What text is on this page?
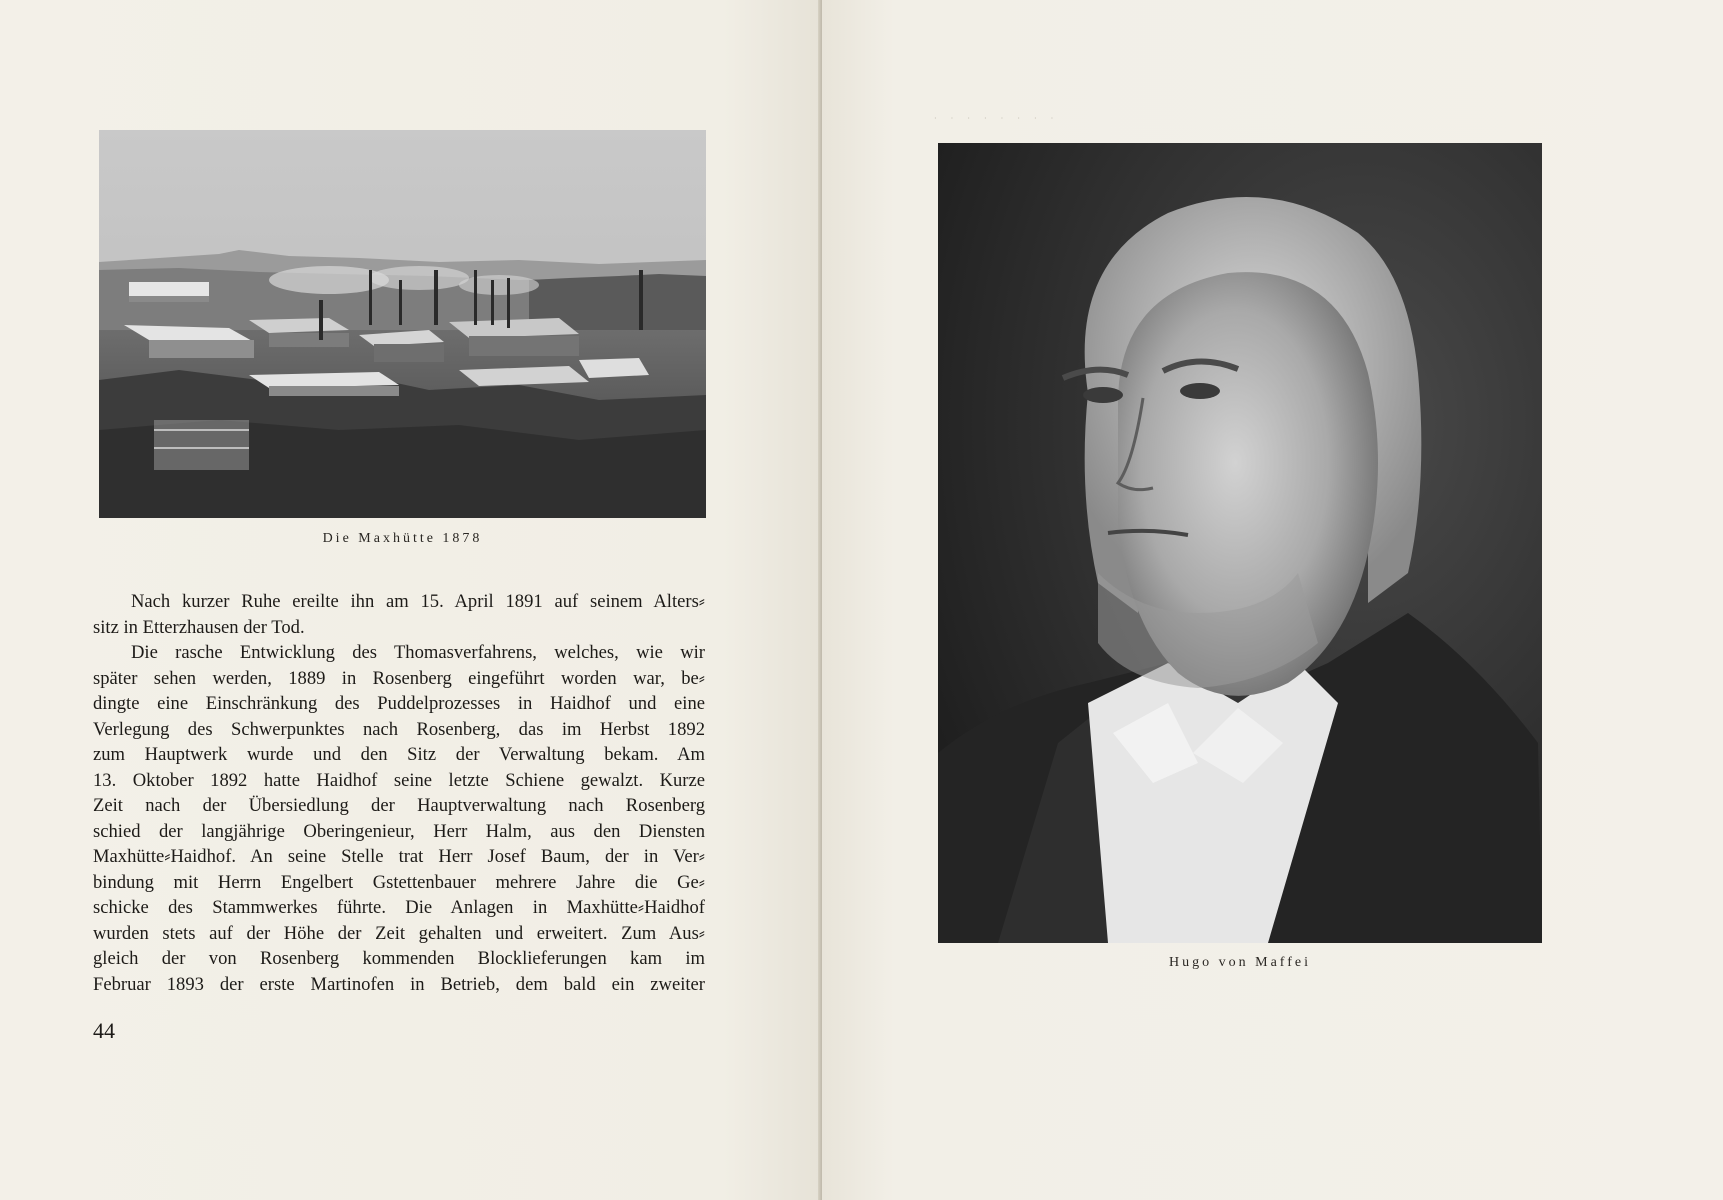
Die Maxhütte 1878
Nach kurzer Ruhe ereilte ihn am 15. April 1891 auf seinem Alters⸗
sitz in Etterzhausen der Tod.
Die rasche Entwicklung des Thomasverfahrens, welches, wie wir
später sehen werden, 1889 in Rosenberg eingeführt worden war, be⸗
dingte eine Einschränkung des Puddelprozesses in Haidhof und eine
Verlegung des Schwerpunktes nach Rosenberg, das im Herbst 1892
zum Hauptwerk wurde und den Sitz der Verwaltung bekam. Am
13. Oktober 1892 hatte Haidhof seine letzte Schiene gewalzt. Kurze
Zeit nach der Übersiedlung der Hauptverwaltung nach Rosenberg
schied der langjährige Oberingenieur, Herr Halm, aus den Diensten
Maxhütte⸗Haidhof. An seine Stelle trat Herr Josef Baum, der in Ver⸗
bindung mit Herrn Engelbert Gstettenbauer mehrere Jahre die Ge⸗
schicke des Stammwerkes führte. Die Anlagen in Maxhütte⸗Haidhof
wurden stets auf der Höhe der Zeit gehalten und erweitert. Zum Aus⸗
gleich der von Rosenberg kommenden Blocklieferungen kam im
Februar 1893 der erste Martinofen in Betrieb, dem bald ein zweiter
44
· · · · · · · ·
Hugo von Maffei
